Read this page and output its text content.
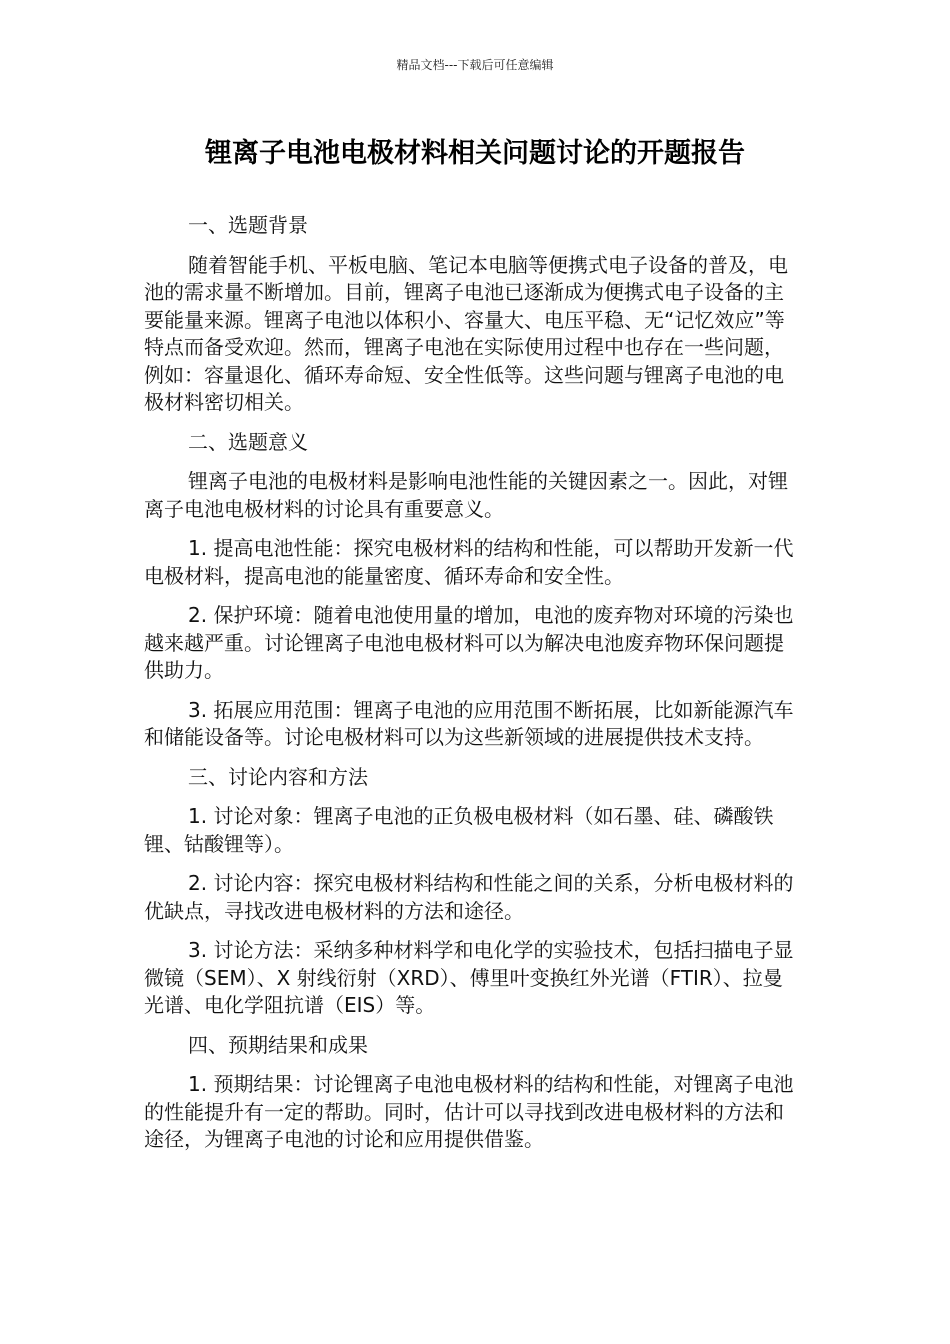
精品文档---下载后可任意编辑
锂离子电池电极材料相关问题讨论的开题报告

一、选题背景

随着智能手机、平板电脑、笔记本电脑等便携式电子设备的普及，电池的需求量不断增加。目前，锂离子电池已逐渐成为便携式电子设备的主要能量来源。锂离子电池以体积小、容量大、电压平稳、无“记忆效应”等特点而备受欢迎。然而，锂离子电池在实际使用过程中也存在一些问题，例如：容量退化、循环寿命短、安全性低等。这些问题与锂离子电池的电极材料密切相关。

二、选题意义

锂离子电池的电极材料是影响电池性能的关键因素之一。因此，对锂离子电池电极材料的讨论具有重要意义。

1. 提高电池性能：探究电极材料的结构和性能，可以帮助开发新一代电极材料，提高电池的能量密度、循环寿命和安全性。

2. 保护环境：随着电池使用量的增加，电池的废弃物对环境的污染也越来越严重。讨论锂离子电池电极材料可以为解决电池废弃物环保问题提供助力。

3. 拓展应用范围：锂离子电池的应用范围不断拓展，比如新能源汽车和储能设备等。讨论电极材料可以为这些新领域的进展提供技术支持。

三、讨论内容和方法

1. 讨论对象：锂离子电池的正负极电极材料（如石墨、硅、磷酸铁锂、钴酸锂等）。

2. 讨论内容：探究电极材料结构和性能之间的关系，分析电极材料的优缺点，寻找改进电极材料的方法和途径。

3. 讨论方法：采纳多种材料学和电化学的实验技术，包括扫描电子显微镜（SEM）、X 射线衍射（XRD）、傅里叶变换红外光谱（FTIR）、拉曼光谱、电化学阻抗谱（EIS）等。

四、预期结果和成果

1. 预期结果：讨论锂离子电池电极材料的结构和性能，对锂离子电池的性能提升有一定的帮助。同时，估计可以寻找到改进电极材料的方法和途径，为锂离子电池的讨论和应用提供借鉴。
